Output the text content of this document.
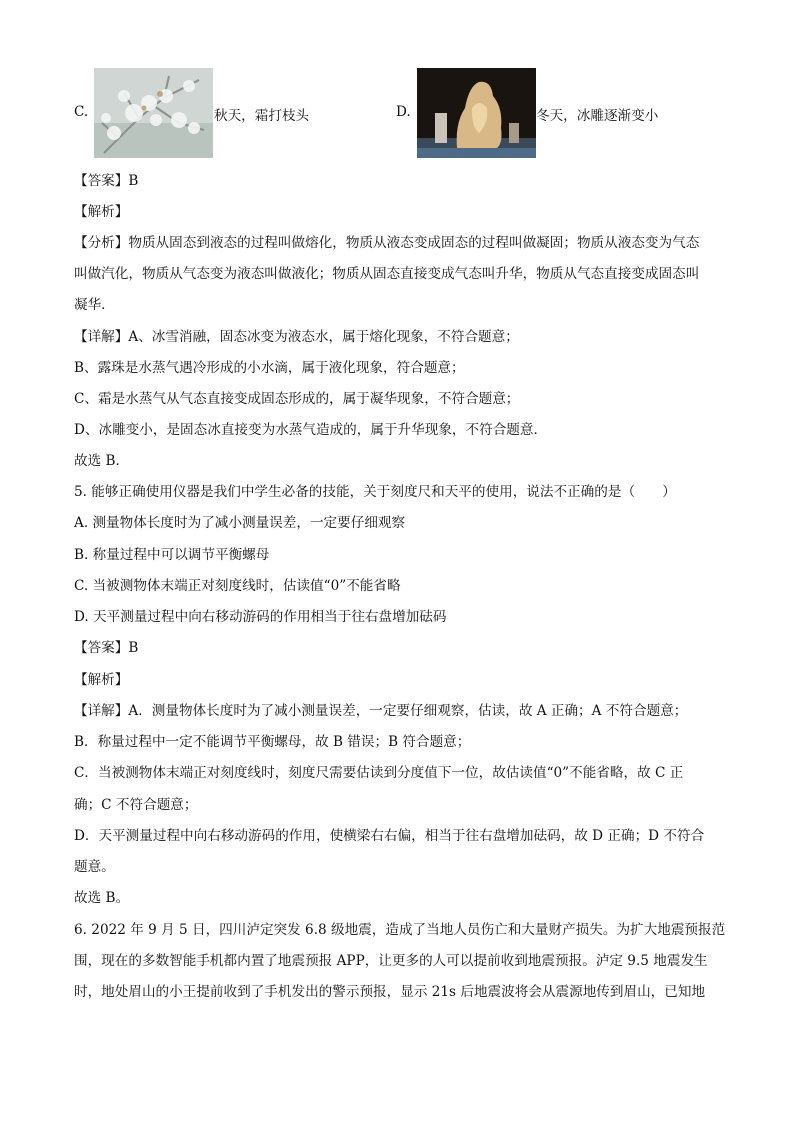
C.	秋天，霜打枝头	D.	冬天，冰雕逐渐变小
【答案】B
【解析】
【分析】物质从固态到液态的过程叫做熔化，物质从液态变成固态的过程叫做凝固；物质从液态变为气态
叫做汽化，物质从气态变为液态叫做液化；物质从固态直接变成气态叫升华，物质从气态直接变成固态叫
凝华．
【详解】A、冰雪消融，固态冰变为液态水，属于熔化现象，不符合题意；
B、露珠是水蒸气遇冷形成的小水滴，属于液化现象，符合题意；
C、霜是水蒸气从气态直接变成固态形成的，属于凝华现象，不符合题意；
D、冰雕变小，是固态冰直接变为水蒸气造成的，属于升华现象，不符合题意．
故选 B．
5. 能够正确使用仪器是我们中学生必备的技能，关于刻度尺和天平的使用，说法不正确的是（　　）
A. 测量物体长度时为了减小测量误差，一定要仔细观察
B. 称量过程中可以调节平衡螺母
C. 当被测物体末端正对刻度线时，估读值“0”不能省略
D. 天平测量过程中向右移动游码的作用相当于往右盘增加砝码
【答案】B
【解析】
【详解】A．测量物体长度时为了减小测量误差，一定要仔细观察，估读，故 A 正确；A 不符合题意；
B．称量过程中一定不能调节平衡螺母，故 B 错误；B 符合题意；
C．当被测物体末端正对刻度线时，刻度尺需要估读到分度值下一位，故估读值“0”不能省略，故 C 正
确；C 不符合题意；
D．天平测量过程中向右移动游码的作用，使横梁右右偏，相当于往右盘增加砝码，故 D 正确；D 不符合
题意。
故选 B。
6. 2022 年 9 月 5 日，四川泸定突发 6.8 级地震，造成了当地人员伤亡和大量财产损失。为扩大地震预报范
围，现在的多数智能手机都内置了地震预报 APP，让更多的人可以提前收到地震预报。泸定 9.5 地震发生
时，地处眉山的小王提前收到了手机发出的警示预报，显示 21s 后地震波将会从震源地传到眉山，已知地
